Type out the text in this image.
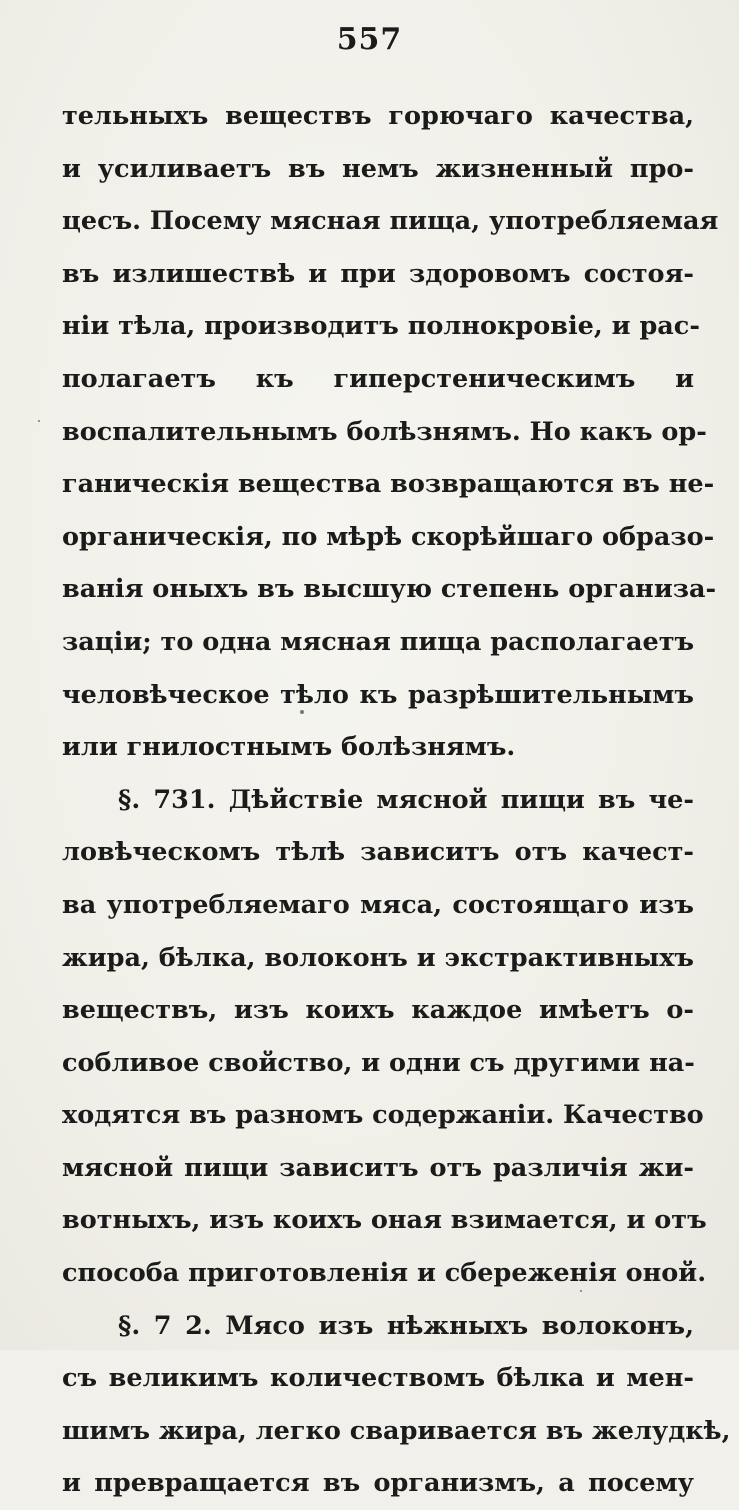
557
тельныхъ веществъ горючаго качества,
и усиливаетъ въ немъ жизненный про-
цесъ. Посему мясная пища, употребляемая
въ излишествѣ и при здоровомъ состоя-
ніи тѣла, производитъ полнокровіе, и рас-
полагаетъ къ гиперстеническимъ и
воспалительнымъ болѣзнямъ. Но какъ ор-
ганическія вещества возвращаются въ не-
органическія, по мѣрѣ скорѣйшаго образо-
ванія оныхъ въ высшую степень организа-
заціи; то одна мясная пища располагаетъ
человѣческое тѣло къ разрѣшительнымъ
или гнилостнымъ болѣзнямъ.
§. 731. Дѣйствіе мясной пищи въ че-
ловѣческомъ тѣлѣ зависитъ отъ качест-
ва употребляемаго мяса, состоящаго изъ
жира, бѣлка, волоконъ и экстрактивныхъ
веществъ, изъ коихъ каждое имѣетъ о-
собливое свойство, и одни съ другими на-
ходятся въ разномъ содержаніи. Качество
мясной пищи зависитъ отъ различія жи-
вотныхъ, изъ коихъ оная взимается, и отъ
способа приготовленія и сбереженія оной.
§. 7 2. Мясо изъ нѣжныхъ волоконъ,
съ великимъ количествомъ бѣлка и мен-
шимъ жира, легко сваривается въ желудкѣ,
и превращается въ организмъ, а посему
